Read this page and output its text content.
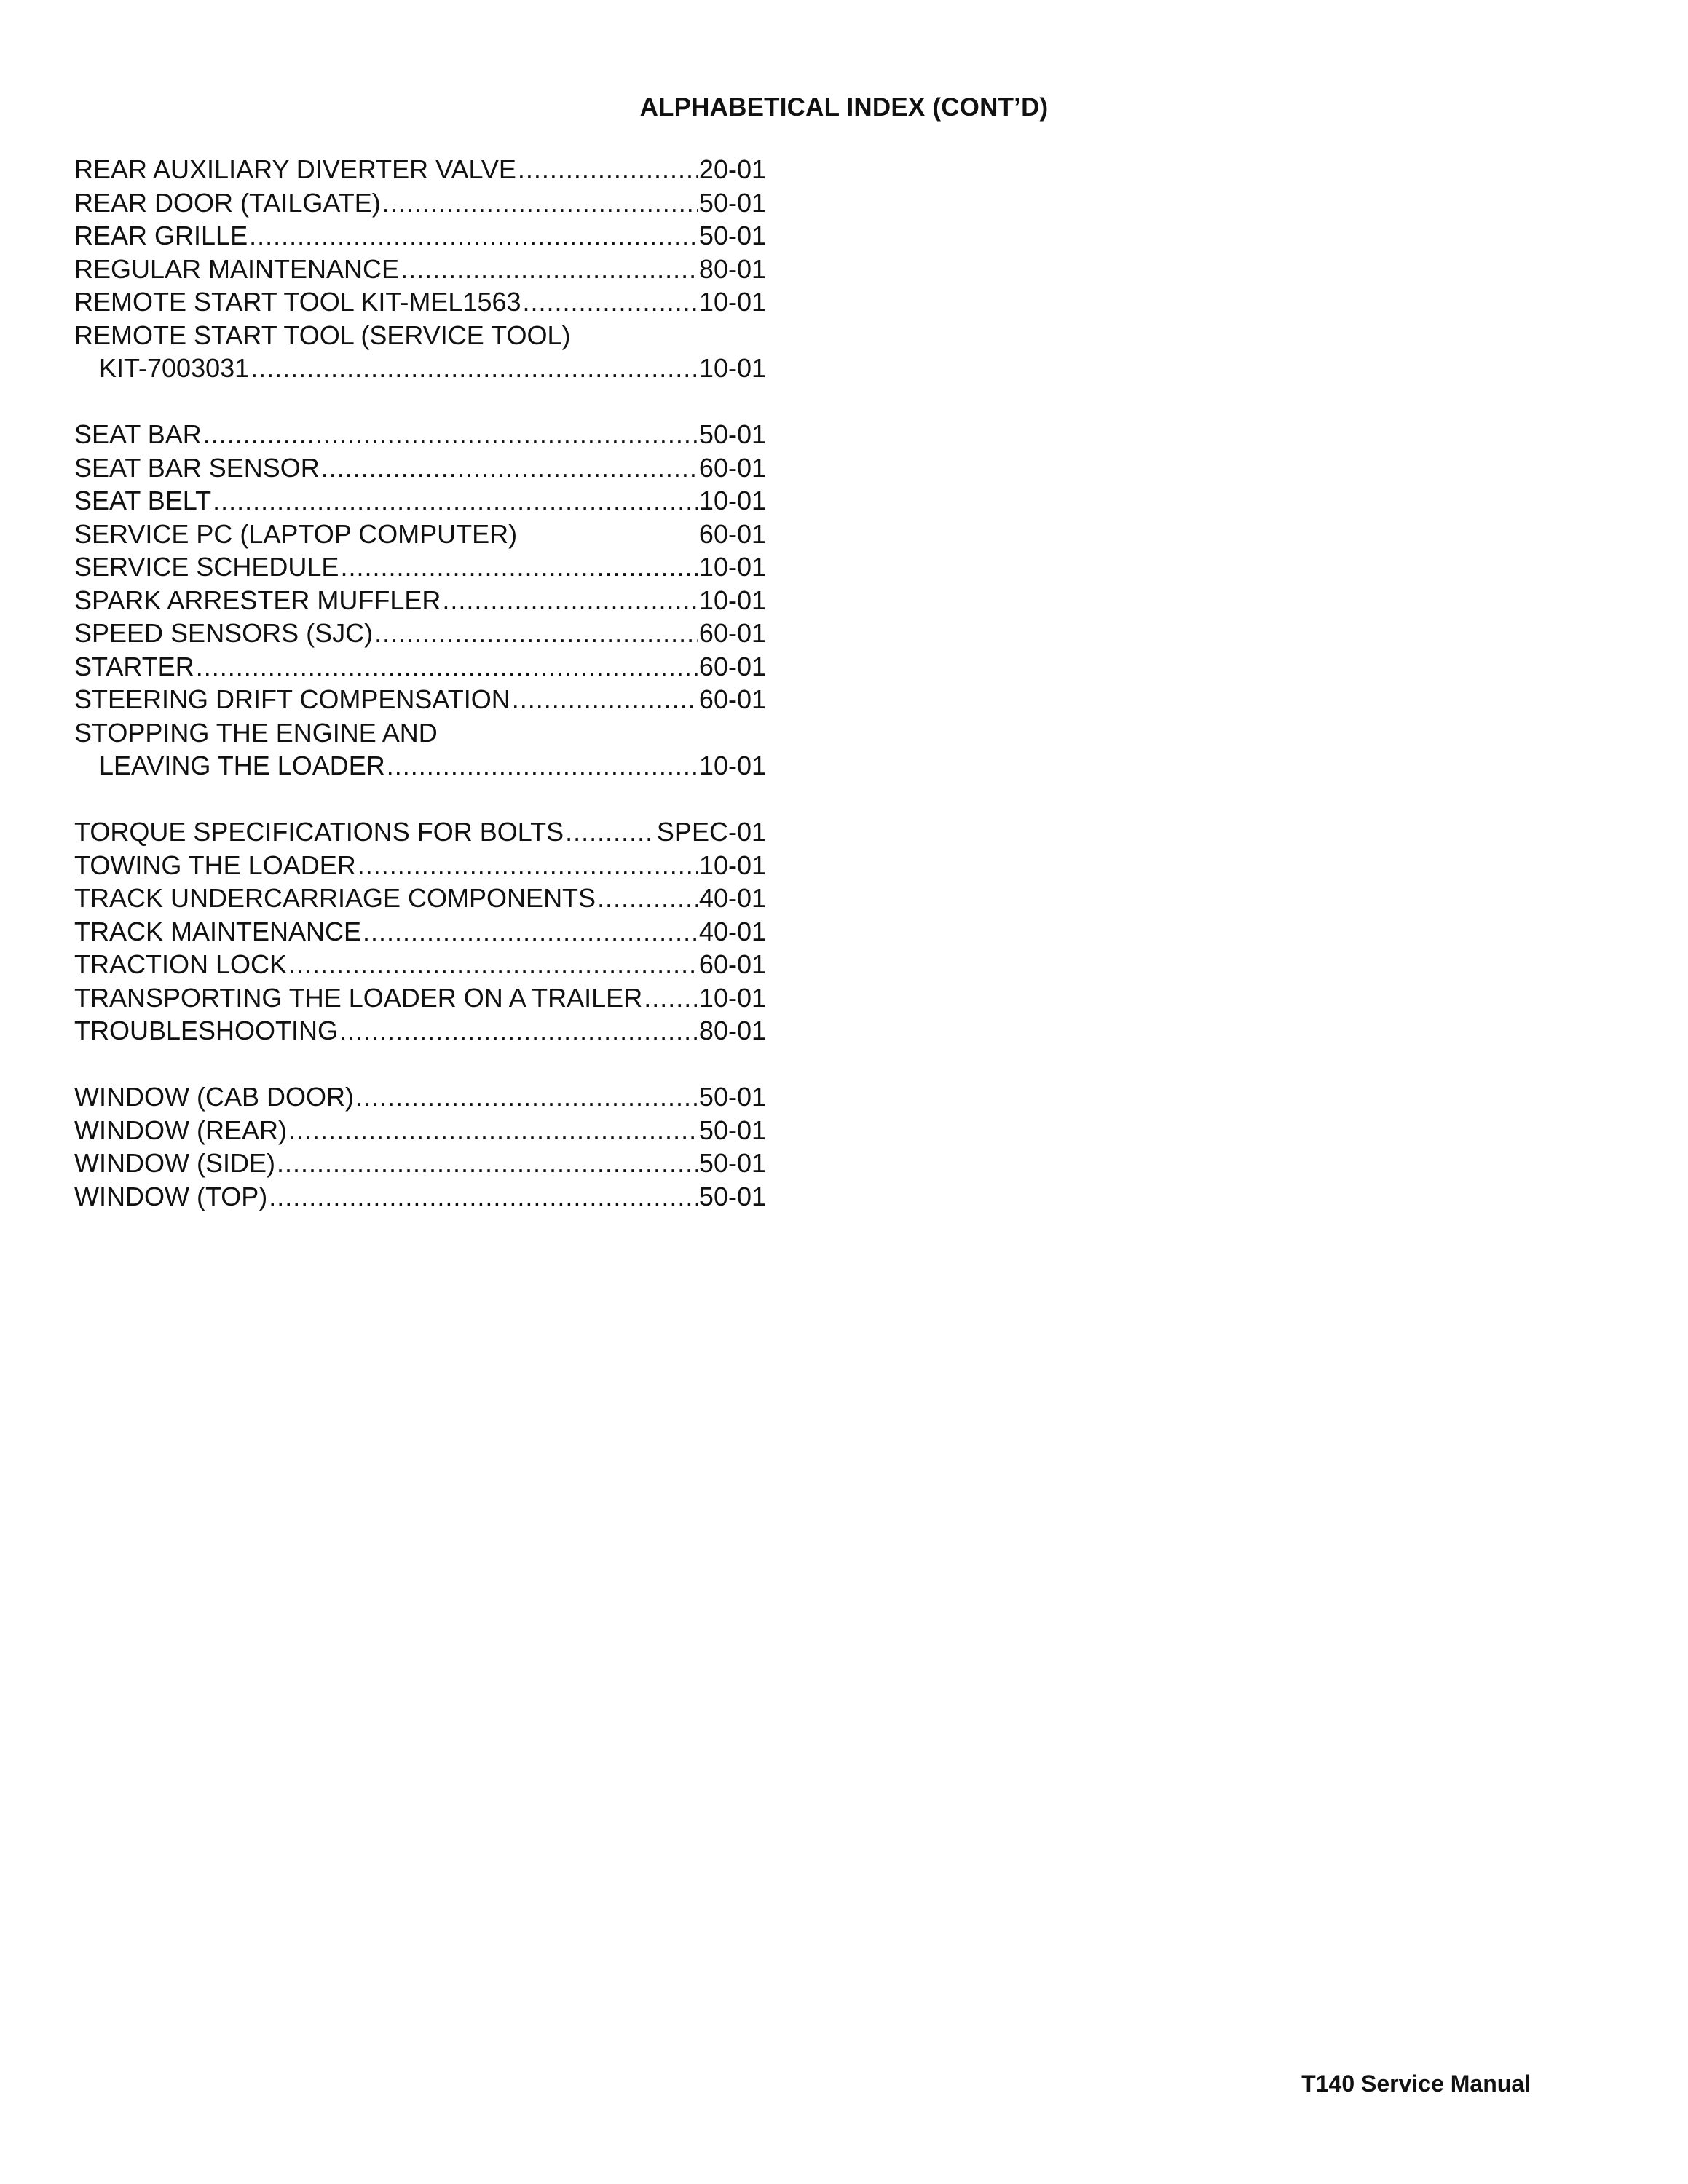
ALPHABETICAL INDEX (CONT’D)
REAR AUXILIARY DIVERTER VALVE .....	20-01
REAR DOOR (TAILGATE) .....	50-01
REAR GRILLE .....	50-01
REGULAR MAINTENANCE .....	80-01
REMOTE START TOOL KIT-MEL1563 .....	10-01
REMOTE START TOOL (SERVICE TOOL)
KIT-7003031 .....	10-01
SEAT BAR .....	50-01
SEAT BAR SENSOR .....	60-01
SEAT BELT .....	10-01
SERVICE PC (LAPTOP COMPUTER)	60-01
SERVICE SCHEDULE .....	10-01
SPARK ARRESTER MUFFLER .....	10-01
SPEED SENSORS (SJC) .....	60-01
STARTER .....	60-01
STEERING DRIFT COMPENSATION .....	60-01
STOPPING THE ENGINE AND
LEAVING THE LOADER .....	10-01
TORQUE SPECIFICATIONS FOR BOLTS .....	SPEC-01
TOWING THE LOADER .....	10-01
TRACK UNDERCARRIAGE COMPONENTS .....	40-01
TRACK MAINTENANCE .....	40-01
TRACTION LOCK .....	60-01
TRANSPORTING THE LOADER ON A TRAILER ..... 10-01
TROUBLESHOOTING .....	80-01
WINDOW (CAB DOOR) .....	50-01
WINDOW (REAR) .....	50-01
WINDOW (SIDE) .....	50-01
WINDOW (TOP) .....	50-01
T140 Service Manual
